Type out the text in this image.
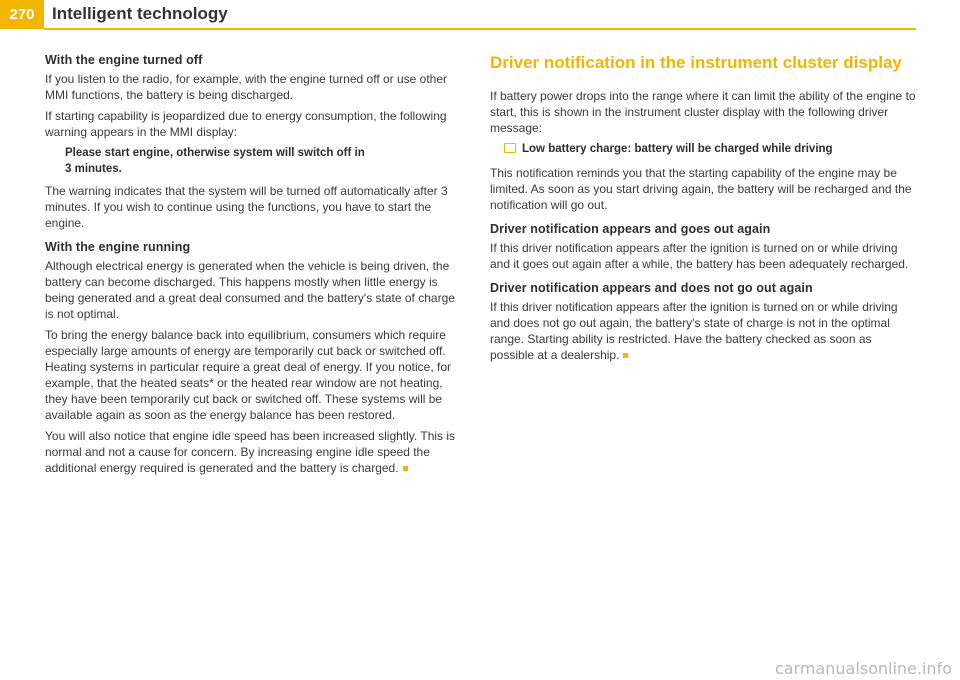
270	Intelligent technology
With the engine turned off

If you listen to the radio, for example, with the engine turned off or use other MMI functions, the battery is being discharged.

If starting capability is jeopardized due to energy consumption, the following warning appears in the MMI display:

Please start engine, otherwise system will switch off in
3 minutes.

The warning indicates that the system will be turned off automatically after 3 minutes. If you wish to continue using the functions, you have to start the engine.

With the engine running

Although electrical energy is generated when the vehicle is being driven, the battery can become discharged. This happens mostly when little energy is being generated and a great deal consumed and the battery's state of charge is not optimal.

To bring the energy balance back into equilibrium, consumers which require especially large amounts of energy are temporarily cut back or switched off. Heating systems in particular require a great deal of energy. If you notice, for example, that the heated seats* or the heated rear window are not heating, they have been temporarily cut back or switched off. These systems will be available again as soon as the energy balance has been restored.

You will also notice that engine idle speed has been increased slightly. This is normal and not a cause for concern. By increasing engine idle speed the additional energy required is generated and the battery is charged.

Driver notification in the instrument cluster display

If battery power drops into the range where it can limit the ability of the engine to start, this is shown in the instrument cluster display with the following driver message:

Low battery charge: battery will be charged while driving

This notification reminds you that the starting capability of the engine may be limited. As soon as you start driving again, the battery will be recharged and the notification will go out.

Driver notification appears and goes out again

If this driver notification appears after the ignition is turned on or while driving and it goes out again after a while, the battery has been adequately recharged.

Driver notification appears and does not go out again

If this driver notification appears after the ignition is turned on or while driving and does not go out again, the battery's state of charge is not in the optimal range. Starting ability is restricted. Have the battery checked as soon as possible at a dealership.

carmanualsonline.info
